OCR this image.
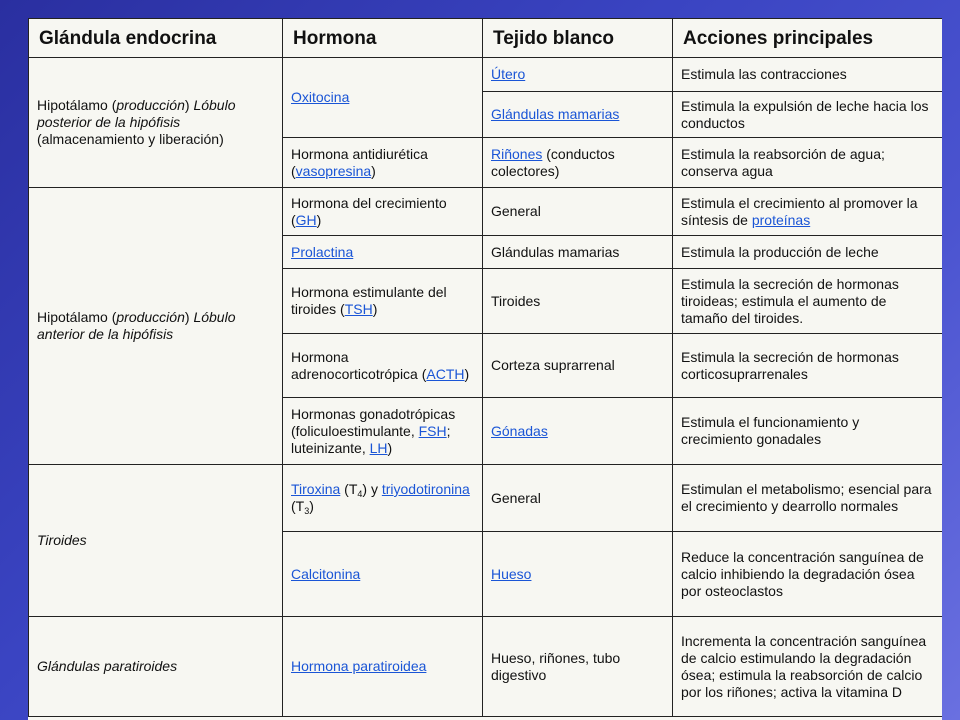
Glándula endocrina	Hormona	Tejido blanco	Acciones principales
Hipotálamo (producción) Lóbulo posterior de la hipófisis (almacenamiento y liberación)	Oxitocina	Útero	Estimula las contracciones
		Glándulas mamarias	Estimula la expulsión de leche hacia los conductos
	Hormona antidiurética (vasopresina)	Riñones (conductos colectores)	Estimula la reabsorción de agua; conserva agua
Hipotálamo (producción) Lóbulo anterior de la hipófisis	Hormona del crecimiento (GH)	General	Estimula el crecimiento al promover la síntesis de proteínas
	Prolactina	Glándulas mamarias	Estimula la producción de leche
	Hormona estimulante del tiroides (TSH)	Tiroides	Estimula la secreción de hormonas tiroideas; estimula el aumento de tamaño del tiroides.
	Hormona adrenocorticotrópica (ACTH)	Corteza suprarrenal	Estimula la secreción de hormonas corticosuprarrenales
	Hormonas gonadotrópicas (foliculoestimulante, FSH; luteinizante, LH)	Gónadas	Estimula el funcionamiento y crecimiento gonadales
Tiroides	Tiroxina $(T_4)$ y triyodotironina $(T_3)$	General	Estimulan el metabolismo; esencial para el crecimiento y dearrollo normales
	Calcitonina	Hueso	Reduce la concentración sanguínea de calcio inhibiendo la degradación ósea por osteoclastos
Glándulas paratiroides	Hormona paratiroidea	Hueso, riñones, tubo digestivo	Incrementa la concentración sanguínea de calcio estimulando la degradación ósea; estimula la reabsorción de calcio por los riñones; activa la vitamina D
